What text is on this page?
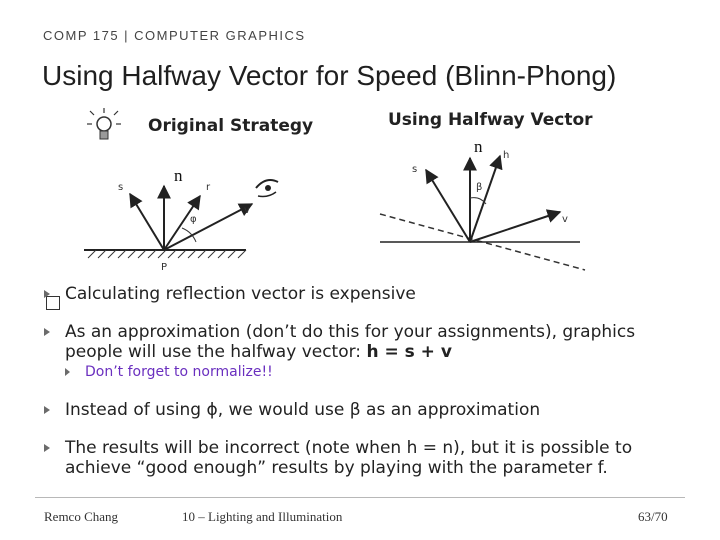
COMP 175 | COMPUTER GRAPHICS
Using Halfway Vector for Speed (Blinn-Phong)
s	r
v
φ
P
s
h
β
v
Original Strategy	Using Halfway Vector
n
n
Calculating reflection vector is expensive
As an approximation (don’t do this for your assignments), graphics people will use the halfway vector: h = s + v
Don’t forget to normalize!!
Instead of using ϕ, we would use β as an approximation
The results will be incorrect (note when h = n), but it is possible to achieve “good enough” results by playing with the parameter f.
Remco Chang	10 – Lighting and Illumination	63/70
